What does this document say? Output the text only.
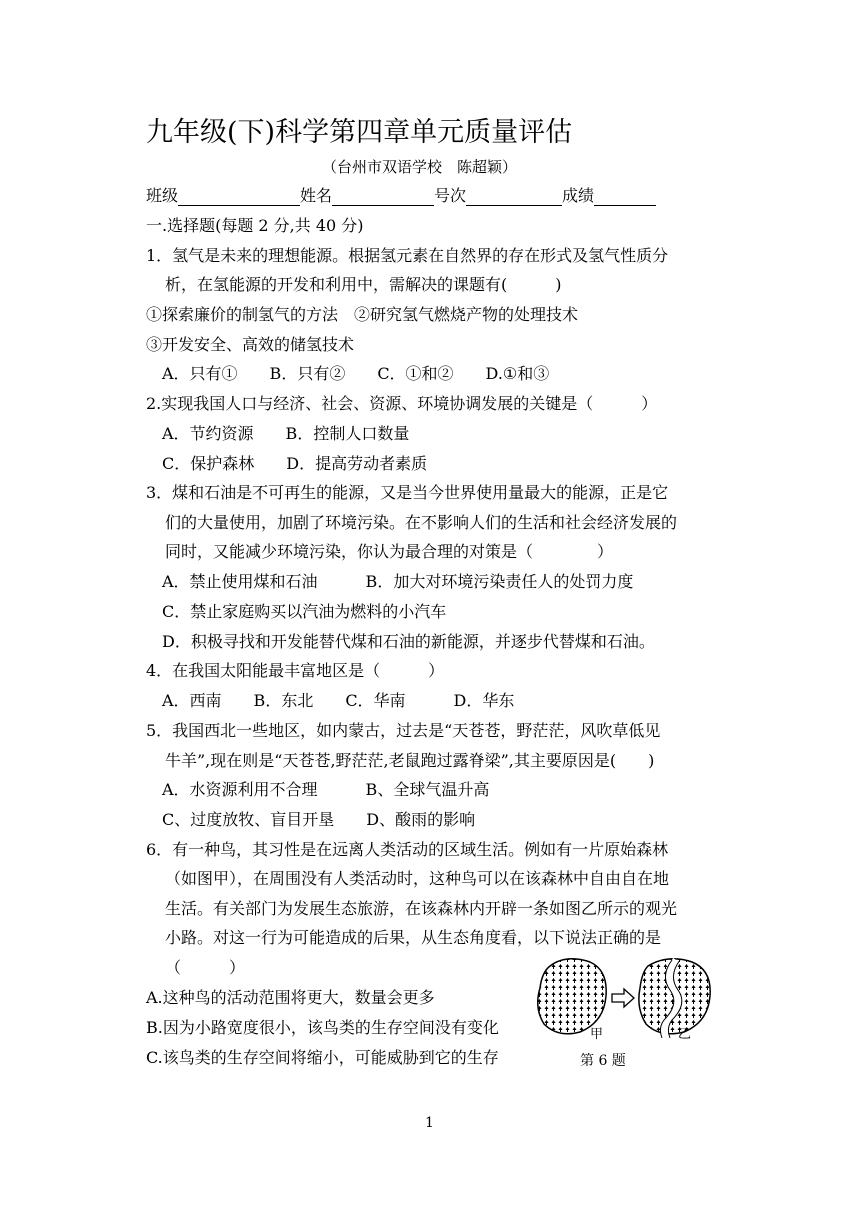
九年级(下)科学第四章单元质量评估
（台州市双语学校　陈超颖）
班级	姓名	号次	成绩
一.选择题(每题 2 分,共 40 分)
1．氢气是未来的理想能源。根据氢元素在自然界的存在形式及氢气性质分
析，在氢能源的开发和利用中，需解决的课题有(　　　)
①探索廉价的制氢气的方法　②研究氢气燃烧产物的处理技术
③开发安全、高效的储氢技术
A．只有①　　B．只有②　　C．①和②　　D.①和③
2.实现我国人口与经济、社会、资源、环境协调发展的关键是（　　　）
A．节约资源　　B．控制人口数量
C．保护森林　　D．提高劳动者素质
3．煤和石油是不可再生的能源，又是当今世界使用量最大的能源，正是它
们的大量使用，加剧了环境污染。在不影响人们的生活和社会经济发展的
同时，又能减少环境污染，你认为最合理的对策是（　　　　）
A．禁止使用煤和石油　　　B．加大对环境污染责任人的处罚力度
C．禁止家庭购买以汽油为燃料的小汽车
D．积极寻找和开发能替代煤和石油的新能源，并逐步代替煤和石油。
4．在我国太阳能最丰富地区是（　　　）
A．西南　　B．东北　　C．华南　　　D．华东
5．我国西北一些地区，如内蒙古，过去是“天苍苍，野茫茫，风吹草低见
牛羊”,现在则是“天苍苍,野茫茫,老鼠跑过露脊梁”,其主要原因是(　　)
A．水资源利用不合理　　　B、全球气温升高
C、过度放牧、盲目开垦　　D、酸雨的影响
6．有一种鸟，其习性是在远离人类活动的区域生活。例如有一片原始森林
（如图甲），在周围没有人类活动时，这种鸟可以在该森林中自由自在地
生活。有关部门为发展生态旅游，在该森林内开辟一条如图乙所示的观光
小路。对这一行为可能造成的后果，从生态角度看，以下说法正确的是
（　　　）
A.这种鸟的活动范围将更大，数量会更多
B.因为小路宽度很小，该鸟类的生存空间没有变化
C.该鸟类的生存空间将缩小，可能威胁到它的生存
甲	乙
第 6 题
1
